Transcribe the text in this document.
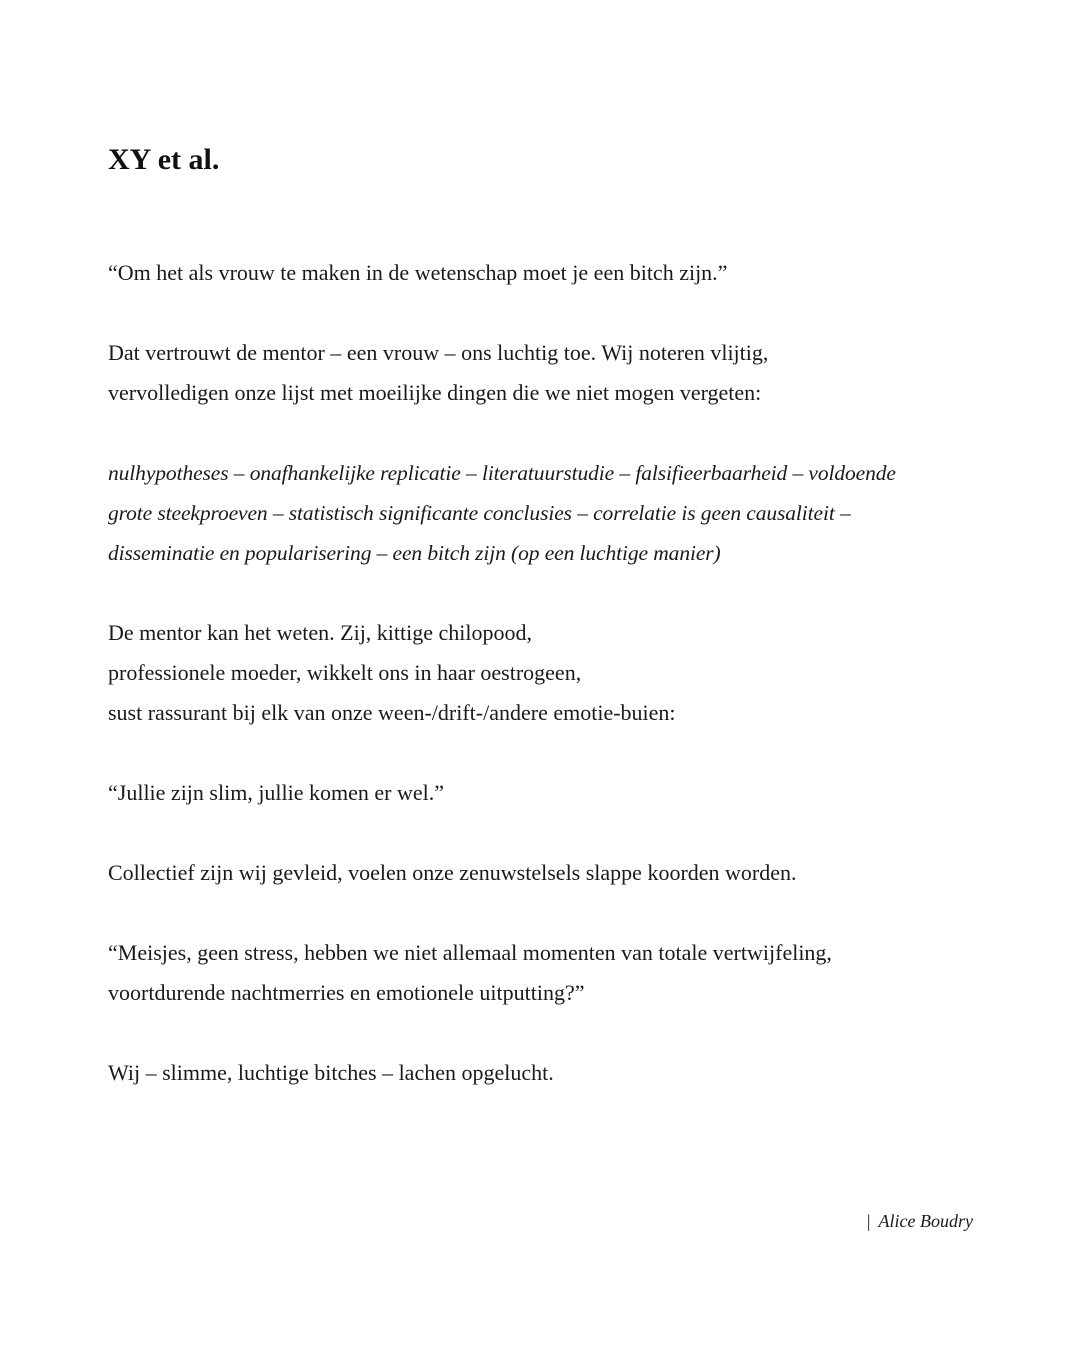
XY et al.

“Om het als vrouw te maken in de wetenschap moet je een bitch zijn.”

Dat vertrouwt de mentor – een vrouw – ons luchtig toe. Wij noteren vlijtig,
vervolledigen onze lijst met moeilijke dingen die we niet mogen vergeten:

nulhypotheses – onafhankelijke replicatie – literatuurstudie – falsifieerbaarheid – voldoende
grote steekproeven – statistisch significante conclusies – correlatie is geen causaliteit –
disseminatie en popularisering – een bitch zijn (op een luchtige manier)

De mentor kan het weten. Zij, kittige chilopood,
professionele moeder, wikkelt ons in haar oestrogeen,
sust rassurant bij elk van onze ween-/drift-/andere emotie-buien:

“Jullie zijn slim, jullie komen er wel.”

Collectief zijn wij gevleid, voelen onze zenuwstelsels slappe koorden worden.

“Meisjes, geen stress, hebben we niet allemaal momenten van totale vertwijfeling,
voortdurende nachtmerries en emotionele uitputting?”

Wij – slimme, luchtige bitches – lachen opgelucht.

| Alice Boudry
